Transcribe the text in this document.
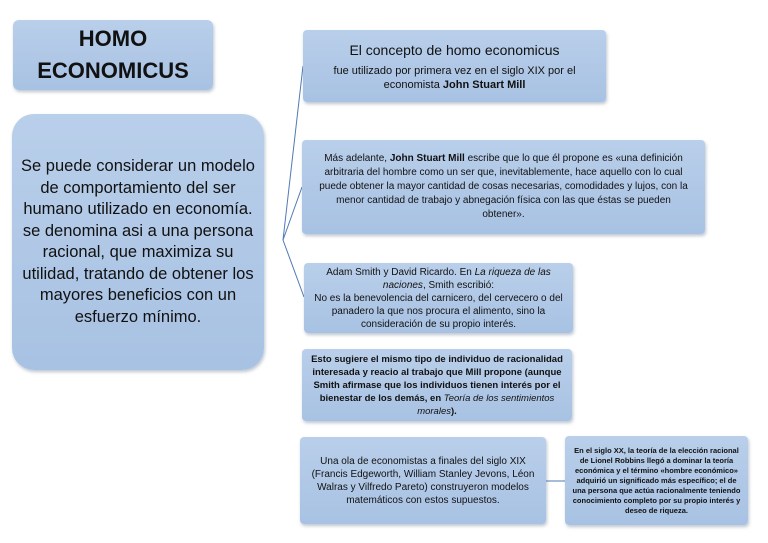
HOMO
ECONOMICUS
Se puede considerar un modelo de comportamiento del ser humano utilizado en economía. se denomina asi a una persona racional, que maximiza su utilidad, tratando de obtener los mayores beneficios con un esfuerzo mínimo.
El concepto de homo economicus
fue utilizado por primera vez en el siglo XIX por el economista John Stuart Mill
Más adelante, John Stuart Mill escribe que lo que él propone es «una definición arbitraria del hombre como un ser que, inevitablemente, hace aquello con lo cual puede obtener la mayor cantidad de cosas necesarias, comodidades y lujos, con la menor cantidad de trabajo y abnegación física con las que éstas se pueden obtener».
Adam Smith y David Ricardo. En La riqueza de las naciones, Smith escribió:
No es la benevolencia del carnicero, del cervecero o del panadero la que nos procura el alimento, sino la consideración de su propio interés.
Esto sugiere el mismo tipo de individuo de racionalidad interesada y reacio al trabajo que Mill propone (aunque Smith afirmase que los individuos tienen interés por el bienestar de los demás, en Teoría de los sentimientos morales).
Una ola de economistas a finales del siglo XIX (Francis Edgeworth, William Stanley Jevons, Léon Walras y Vilfredo Pareto) construyeron modelos matemáticos con estos supuestos.
En el siglo XX, la teoría de la elección racional de Lionel Robbins llegó a dominar la teoría económica y el término «hombre económico» adquirió un significado más específico; el de una persona que actúa racionalmente teniendo conocimiento completo por su propio interés y deseo de riqueza.
